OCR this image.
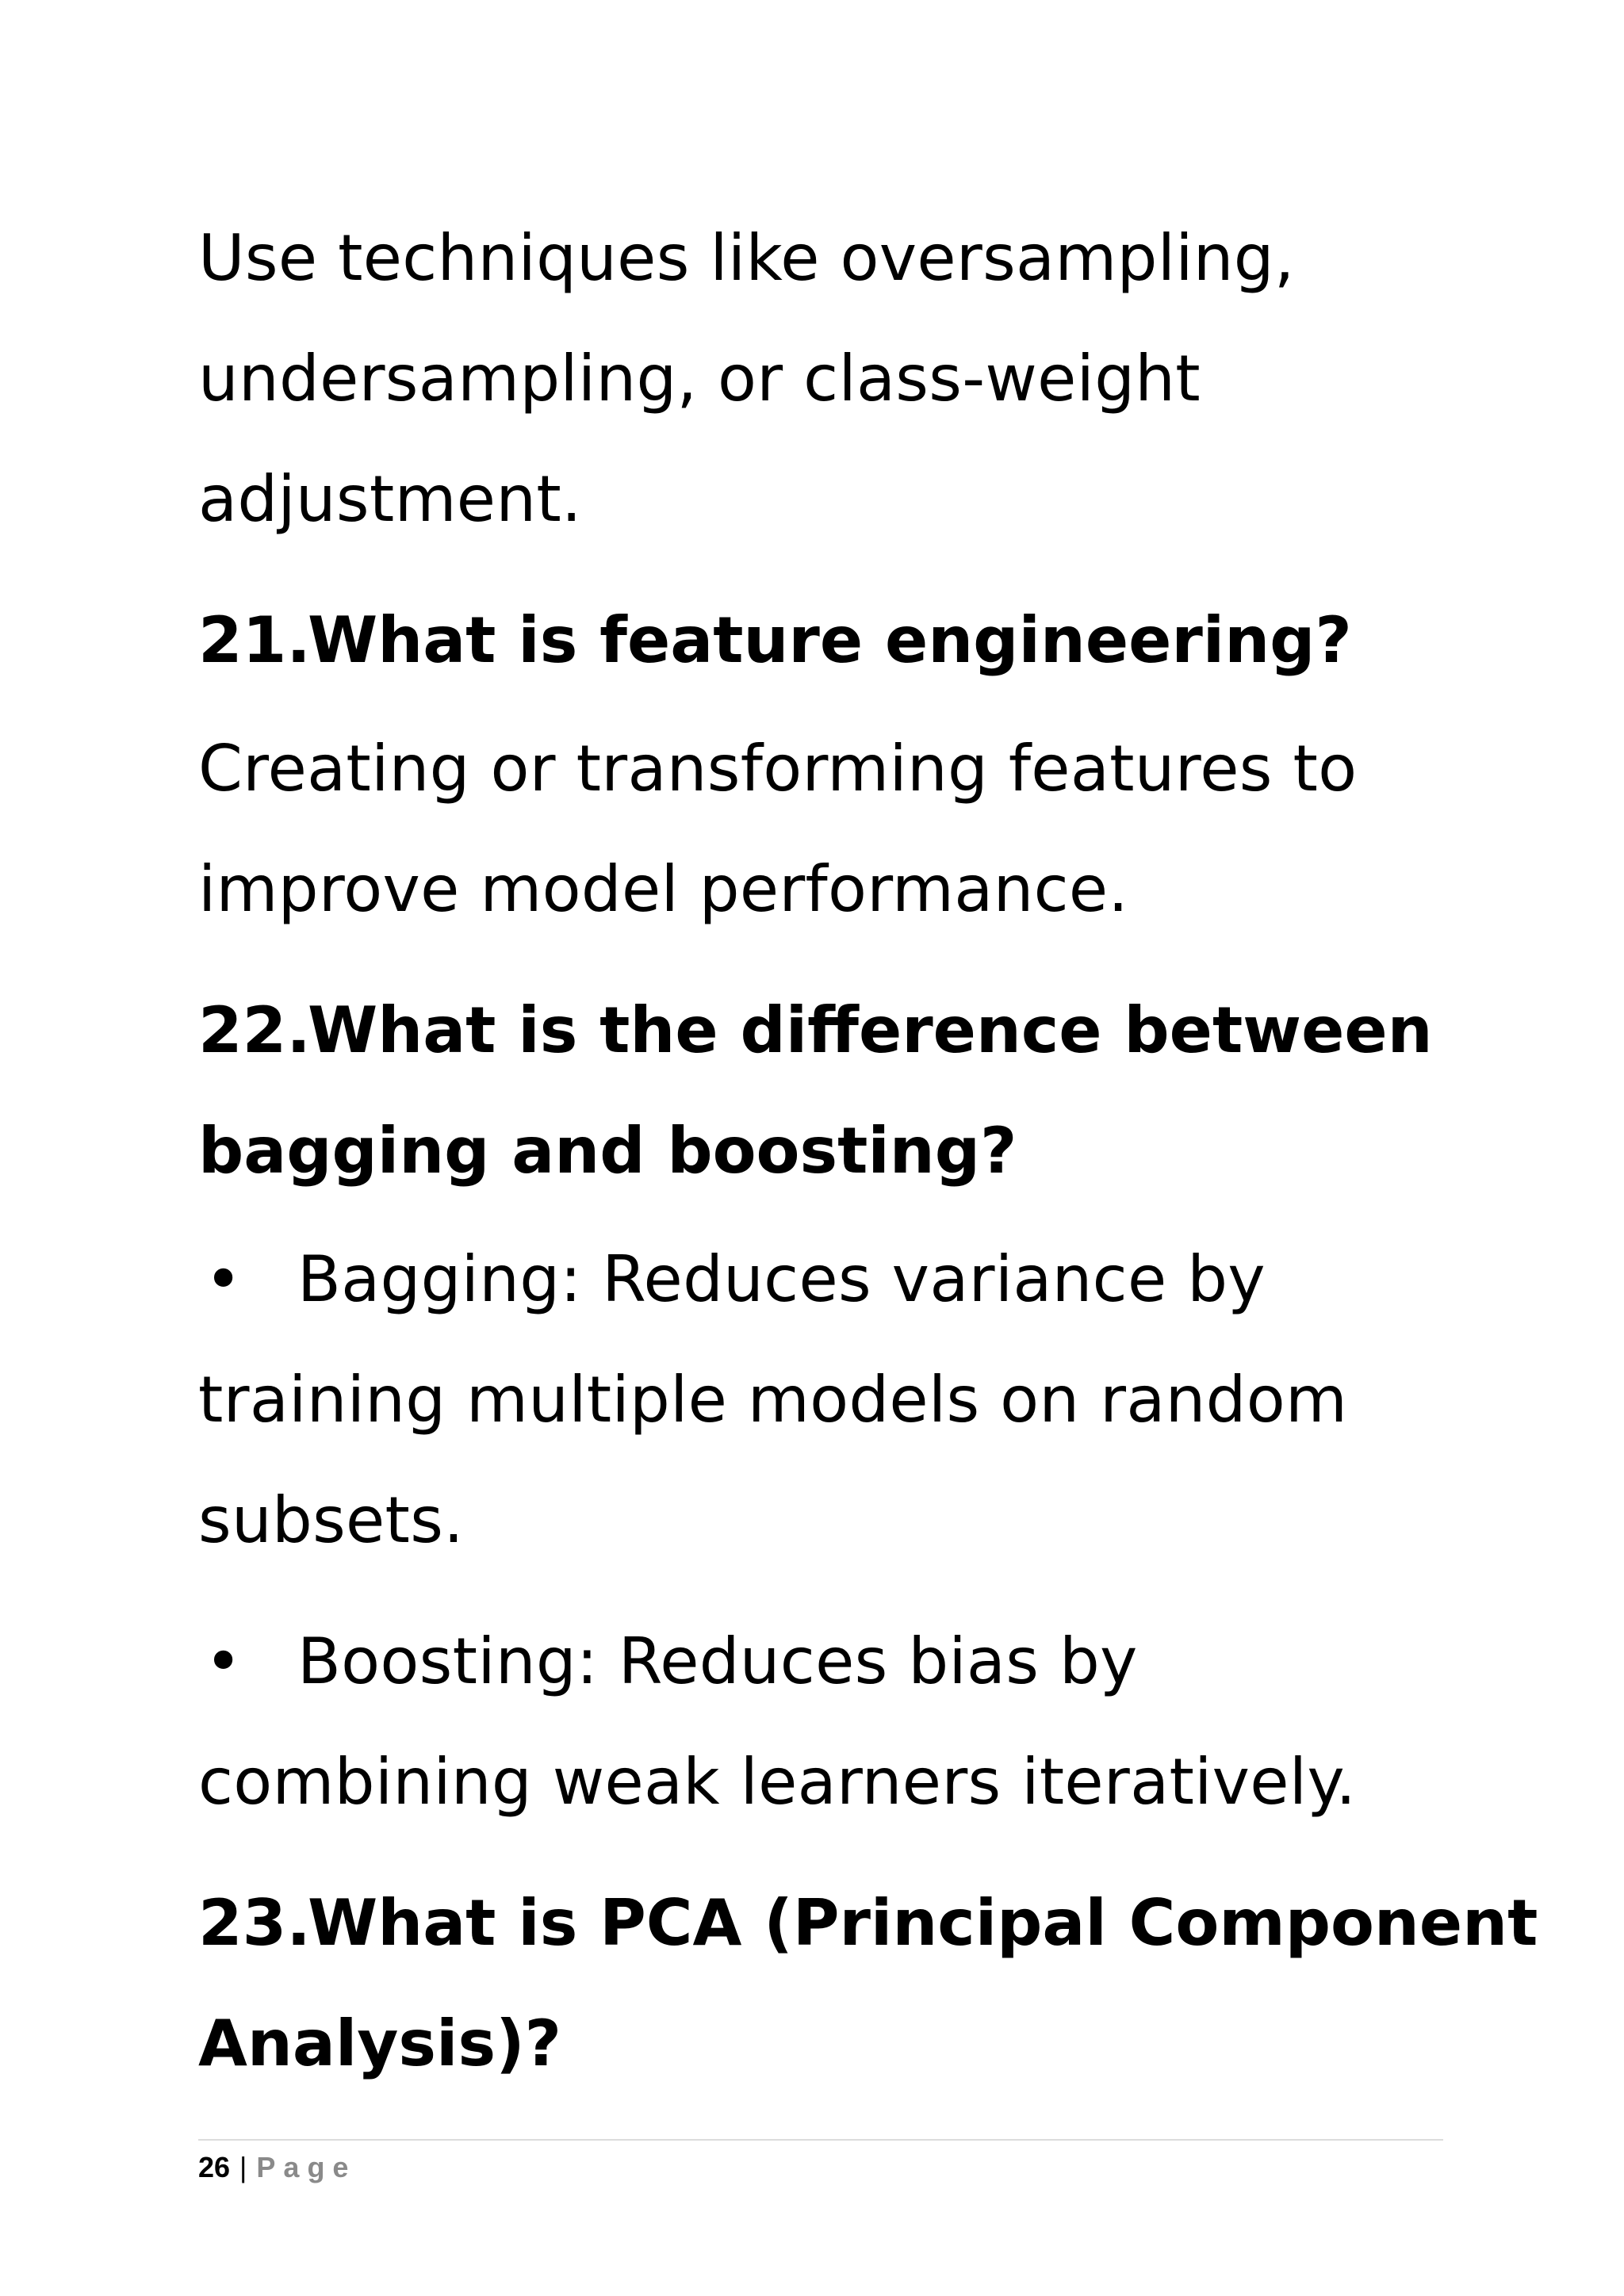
Use techniques like oversampling,

undersampling, or class-weight

adjustment.

21.What is feature engineering?

Creating or transforming features to

improve model performance.

22.What is the difference between

bagging and boosting?

• Bagging: Reduces variance by

training multiple models on random

subsets.

• Boosting: Reduces bias by

combining weak learners iteratively.

23.What is PCA (Principal Component

Analysis)?

26 | Page
